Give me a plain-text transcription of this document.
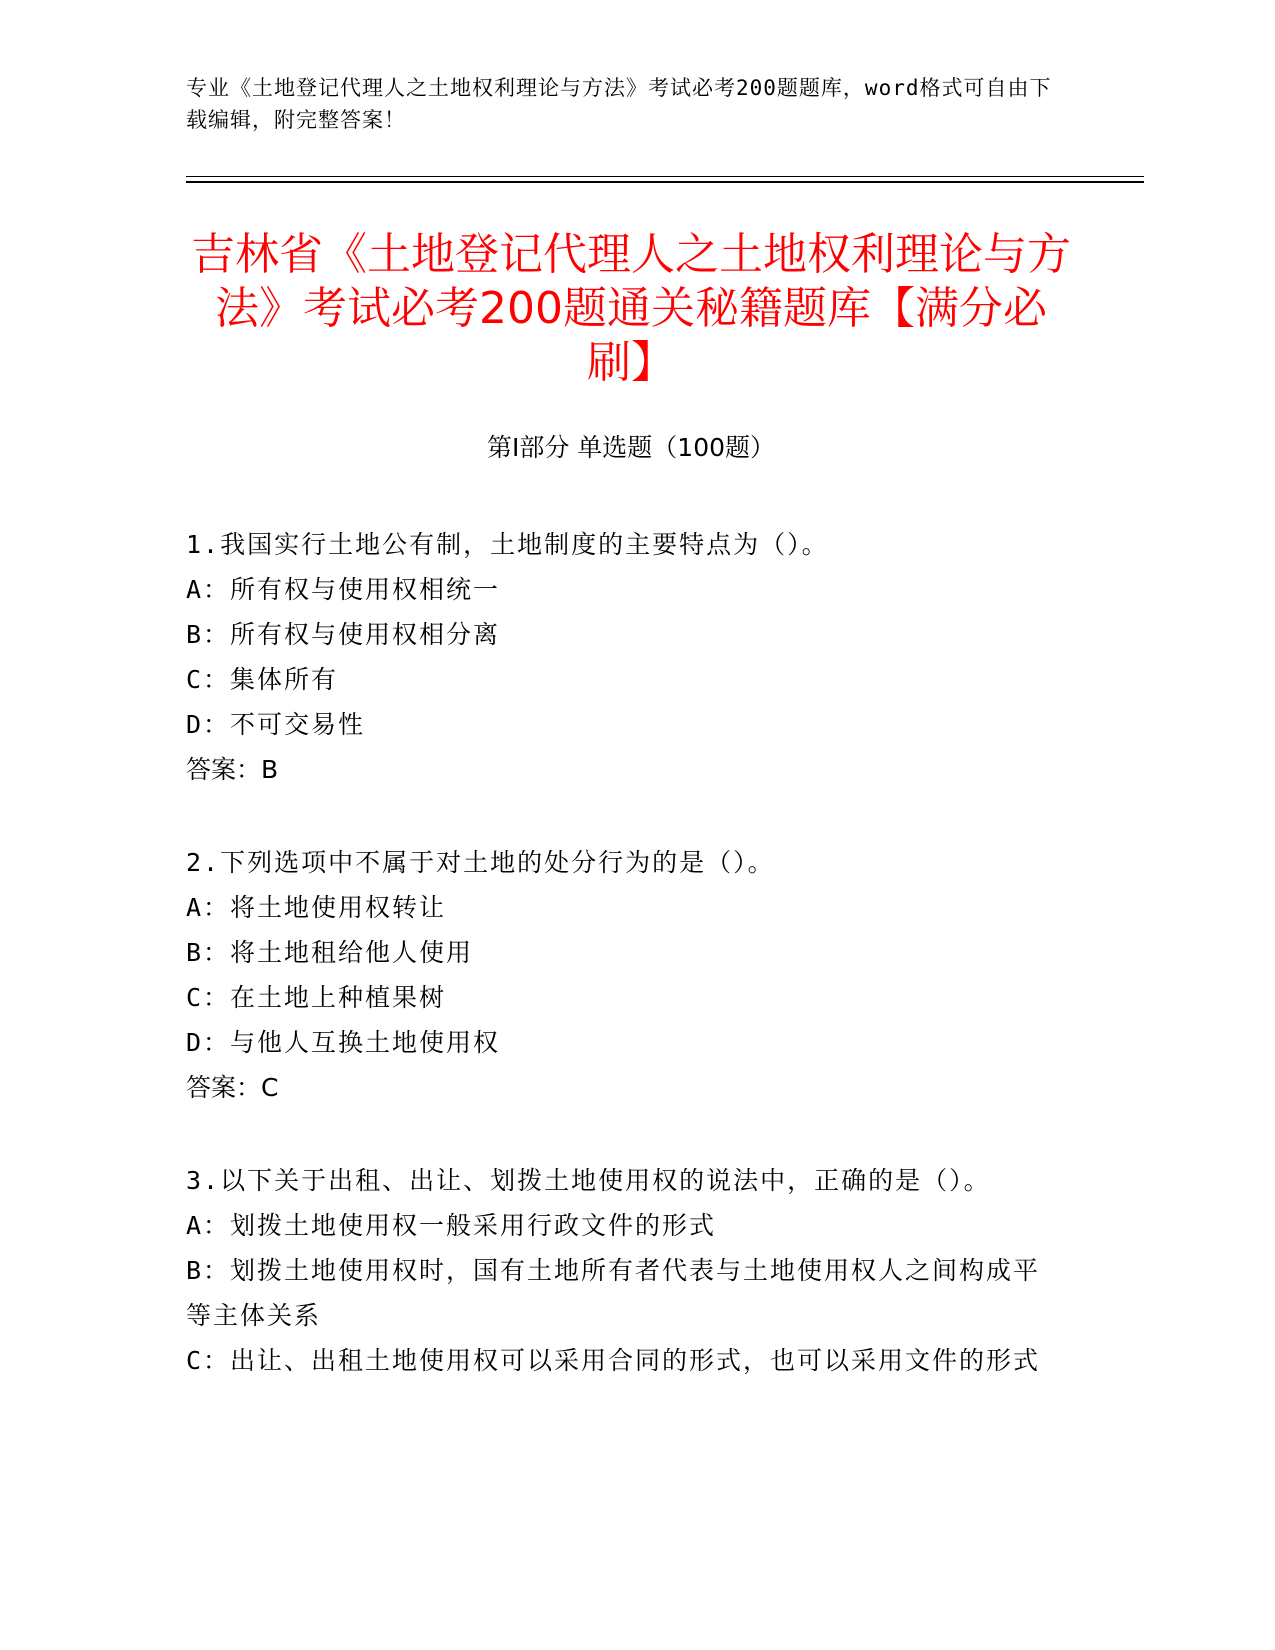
专业《土地登记代理人之土地权利理论与方法》考试必考200题题库，word格式可自由下载编辑，附完整答案！
吉林省《土地登记代理人之土地权利理论与方法》考试必考200题通关秘籍题库【满分必刷】
第Ⅰ部分 单选题（100题）
1.我国实行土地公有制，土地制度的主要特点为（）。
A：所有权与使用权相统一
B：所有权与使用权相分离
C：集体所有
D：不可交易性
答案：B
2.下列选项中不属于对土地的处分行为的是（）。
A：将土地使用权转让
B：将土地租给他人使用
C：在土地上种植果树
D：与他人互换土地使用权
答案：C
3.以下关于出租、出让、划拨土地使用权的说法中，正确的是（）。
A：划拨土地使用权一般采用行政文件的形式
B：划拨土地使用权时，国有土地所有者代表与土地使用权人之间构成平等主体关系
C：出让、出租土地使用权可以采用合同的形式，也可以采用文件的形式
